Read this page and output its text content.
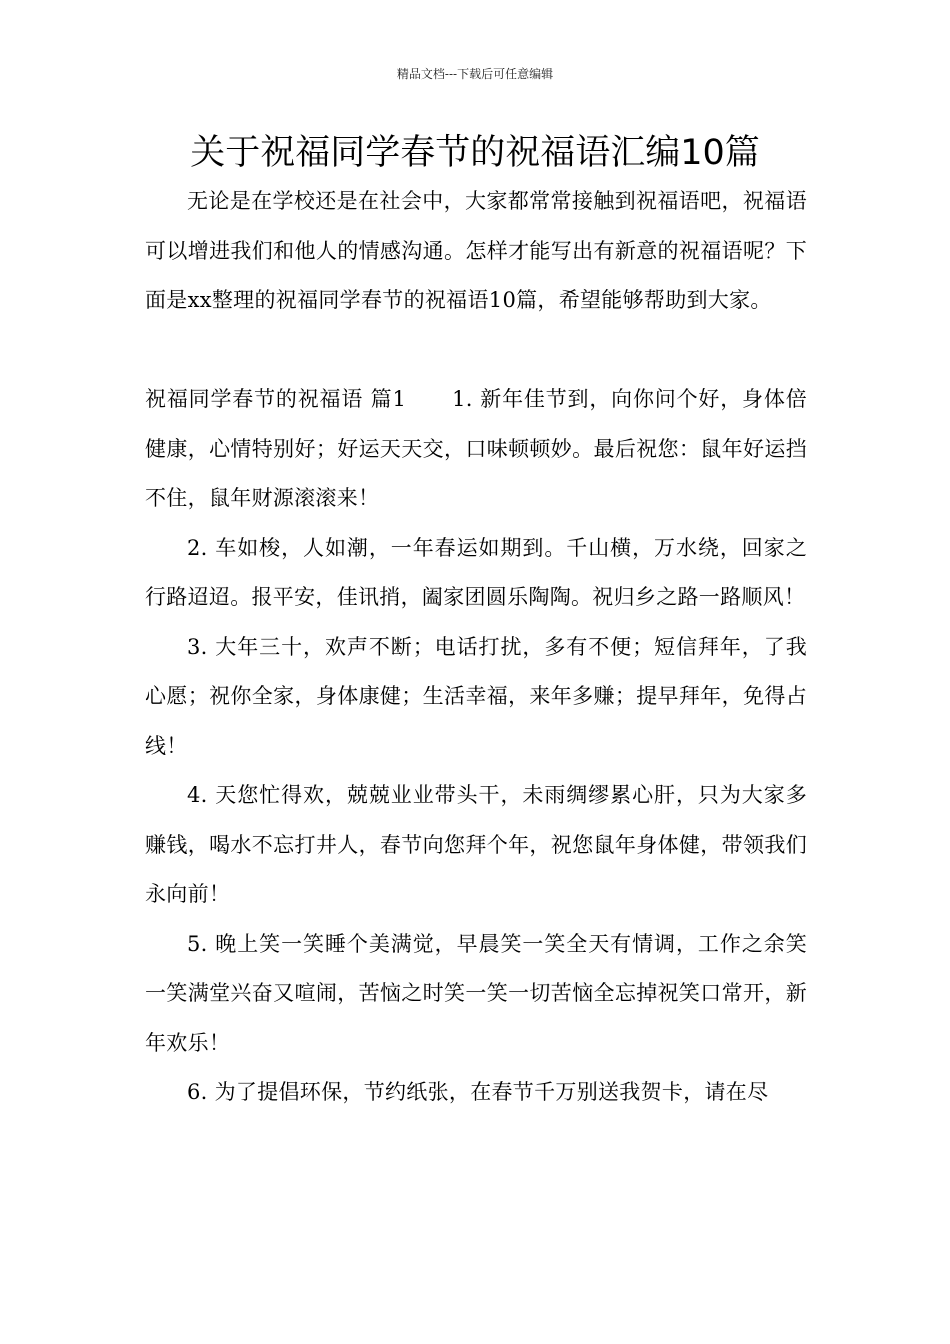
精品文档---下载后可任意编辑
关于祝福同学春节的祝福语汇编10篇

无论是在学校还是在社会中，大家都常常接触到祝福语吧，祝福语可以增进我们和他人的情感沟通。怎样才能写出有新意的祝福语呢？下面是xx整理的祝福同学春节的祝福语10篇，希望能够帮助到大家。

祝福同学春节的祝福语 篇1 1. 新年佳节到，向你问个好，身体倍健康，心情特别好；好运天天交，口味顿顿妙。最后祝您：鼠年好运挡不住，鼠年财源滚滚来！

2. 车如梭，人如潮，一年春运如期到。千山横，万水绕，回家之行路迢迢。报平安，佳讯捎，阖家团圆乐陶陶。祝归乡之路一路顺风！

3. 大年三十，欢声不断；电话打扰，多有不便；短信拜年，了我心愿；祝你全家，身体康健；生活幸福，来年多赚；提早拜年，免得占线！

4. 天您忙得欢，兢兢业业带头干，未雨绸缪累心肝，只为大家多赚钱，喝水不忘打井人，春节向您拜个年，祝您鼠年身体健，带领我们永向前！

5. 晚上笑一笑睡个美满觉，早晨笑一笑全天有情调，工作之余笑一笑满堂兴奋又喧闹，苦恼之时笑一笑一切苦恼全忘掉祝笑口常开，新年欢乐！

6. 为了提倡环保，节约纸张，在春节千万别送我贺卡，请在尽
